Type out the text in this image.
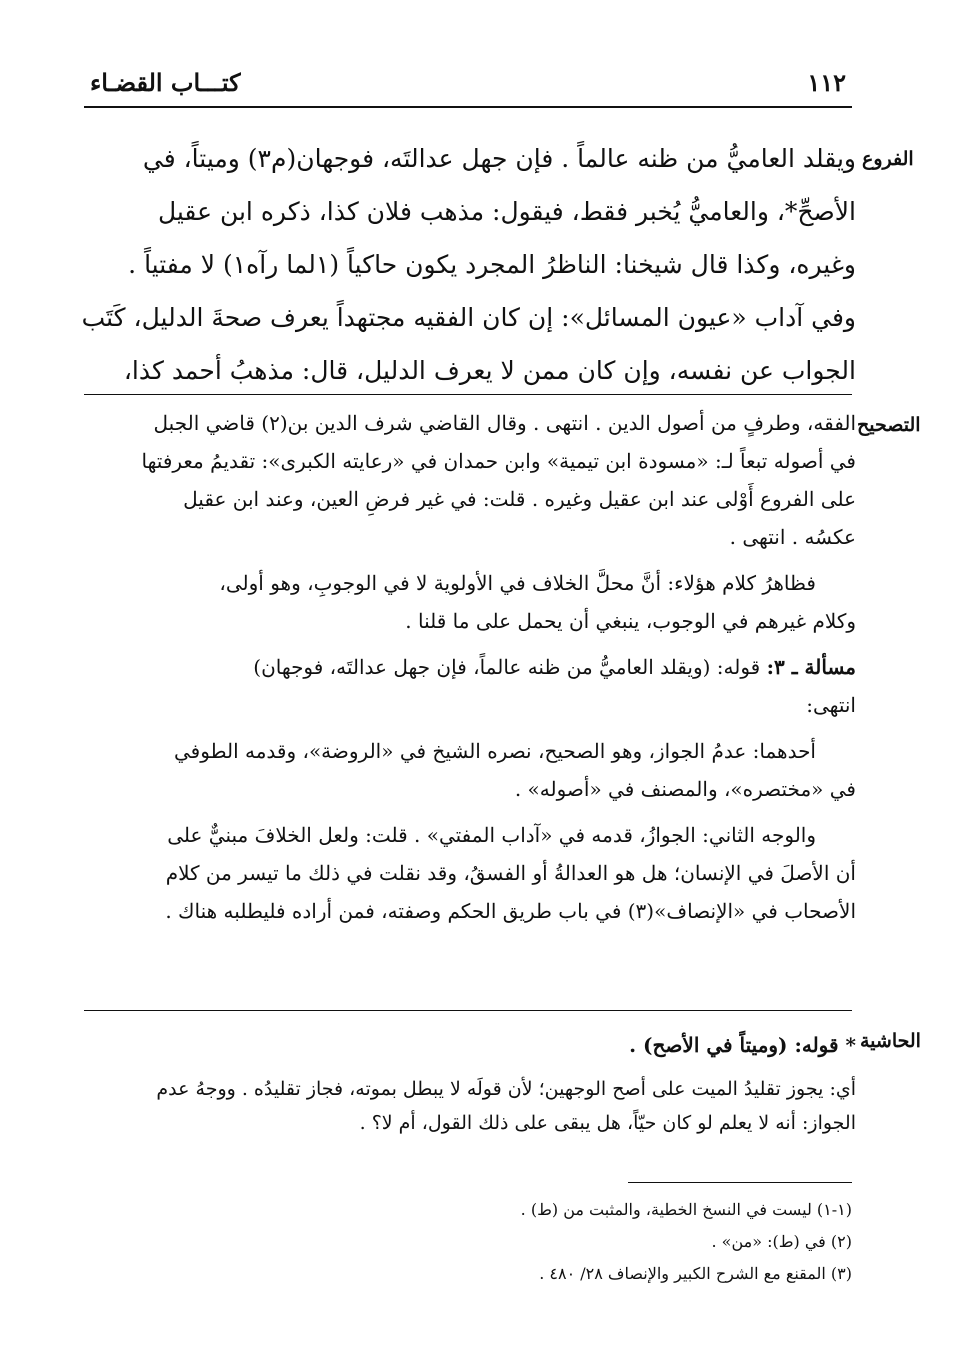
كتـــاب القضـاء	١١٢
الفروع
ويقلد العاميُّ من ظنه عالماً . فإن جهل عدالتَه، فوجهان(م٣) وميتاً، في
الأصحِّ*، والعاميُّ يُخبر فقط، فيقول: مذهب فلان كذا، ذكره ابن عقيل
وغيره، وكذا قال شيخنا: الناظرُ المجرد يكون حاكياً (١لما رآه١) لا مفتياً .
وفي آداب «عيون المسائل»: إن كان الفقيه مجتهداً يعرف صحةَ الدليل، كَتَب
الجواب عن نفسه، وإن كان ممن لا يعرف الدليل، قال: مذهبُ أحمد كذا،
التصحيح
الفقه، وطرفٍ من أصول الدين . انتهى . وقال القاضي شرف الدين بن(٢) قاضي الجبل
في أصوله تبعاً لـ: «مسودة ابن تيمية» وابن حمدان في «رعايته الكبرى»: تقديمُ معرفتها
على الفروع أَوْلى عند ابن عقيل وغيره . قلت: في غير فرضِ العين، وعند ابن عقيل
عكسُه . انتهى .
فظاهرُ كلام هؤلاء: أنَّ محلَّ الخلاف في الأولوية لا في الوجوبِ، وهو أولى،
وكلام غيرهم في الوجوب، ينبغي أن يحمل على ما قلنا .
مسألة ـ ٣: قوله: (ويقلد العاميُّ من ظنه عالماً، فإن جهل عدالتَه، فوجهان)
انتهى:
أحدهما: عدمُ الجواز، وهو الصحيح، نصره الشيخ في «الروضة»، وقدمه الطوفي
في «مختصره»، والمصنف في «أصوله» .
والوجه الثاني: الجوازُ، قدمه في «آداب المفتي» . قلت: ولعل الخلافَ مبنيٌّ على
أن الأصلَ في الإنسان؛ هل هو العدالةُ أو الفسقُ، وقد نقلت في ذلك ما تيسر من كلام
الأصحاب في «الإنصاف»(٣) في باب طريق الحكم وصفته، فمن أراده فليطلبه هناك .
الحاشية
* قوله: (وميتاً في الأصح) .
أي: يجوز تقليدُ الميت على أصح الوجهين؛ لأن قولَه لا يبطل بموته، فجاز تقليدُه . ووجهُ عدم
الجواز: أنه لا يعلم لو كان حيّاً، هل يبقى على ذلك القول، أم لا؟ .
(١-١) ليست في النسخ الخطية، والمثبت من (ط) .
(٢) في (ط): «من» .
(٣) المقنع مع الشرح الكبير والإنصاف ٢٨/ ٤٨٠ .
